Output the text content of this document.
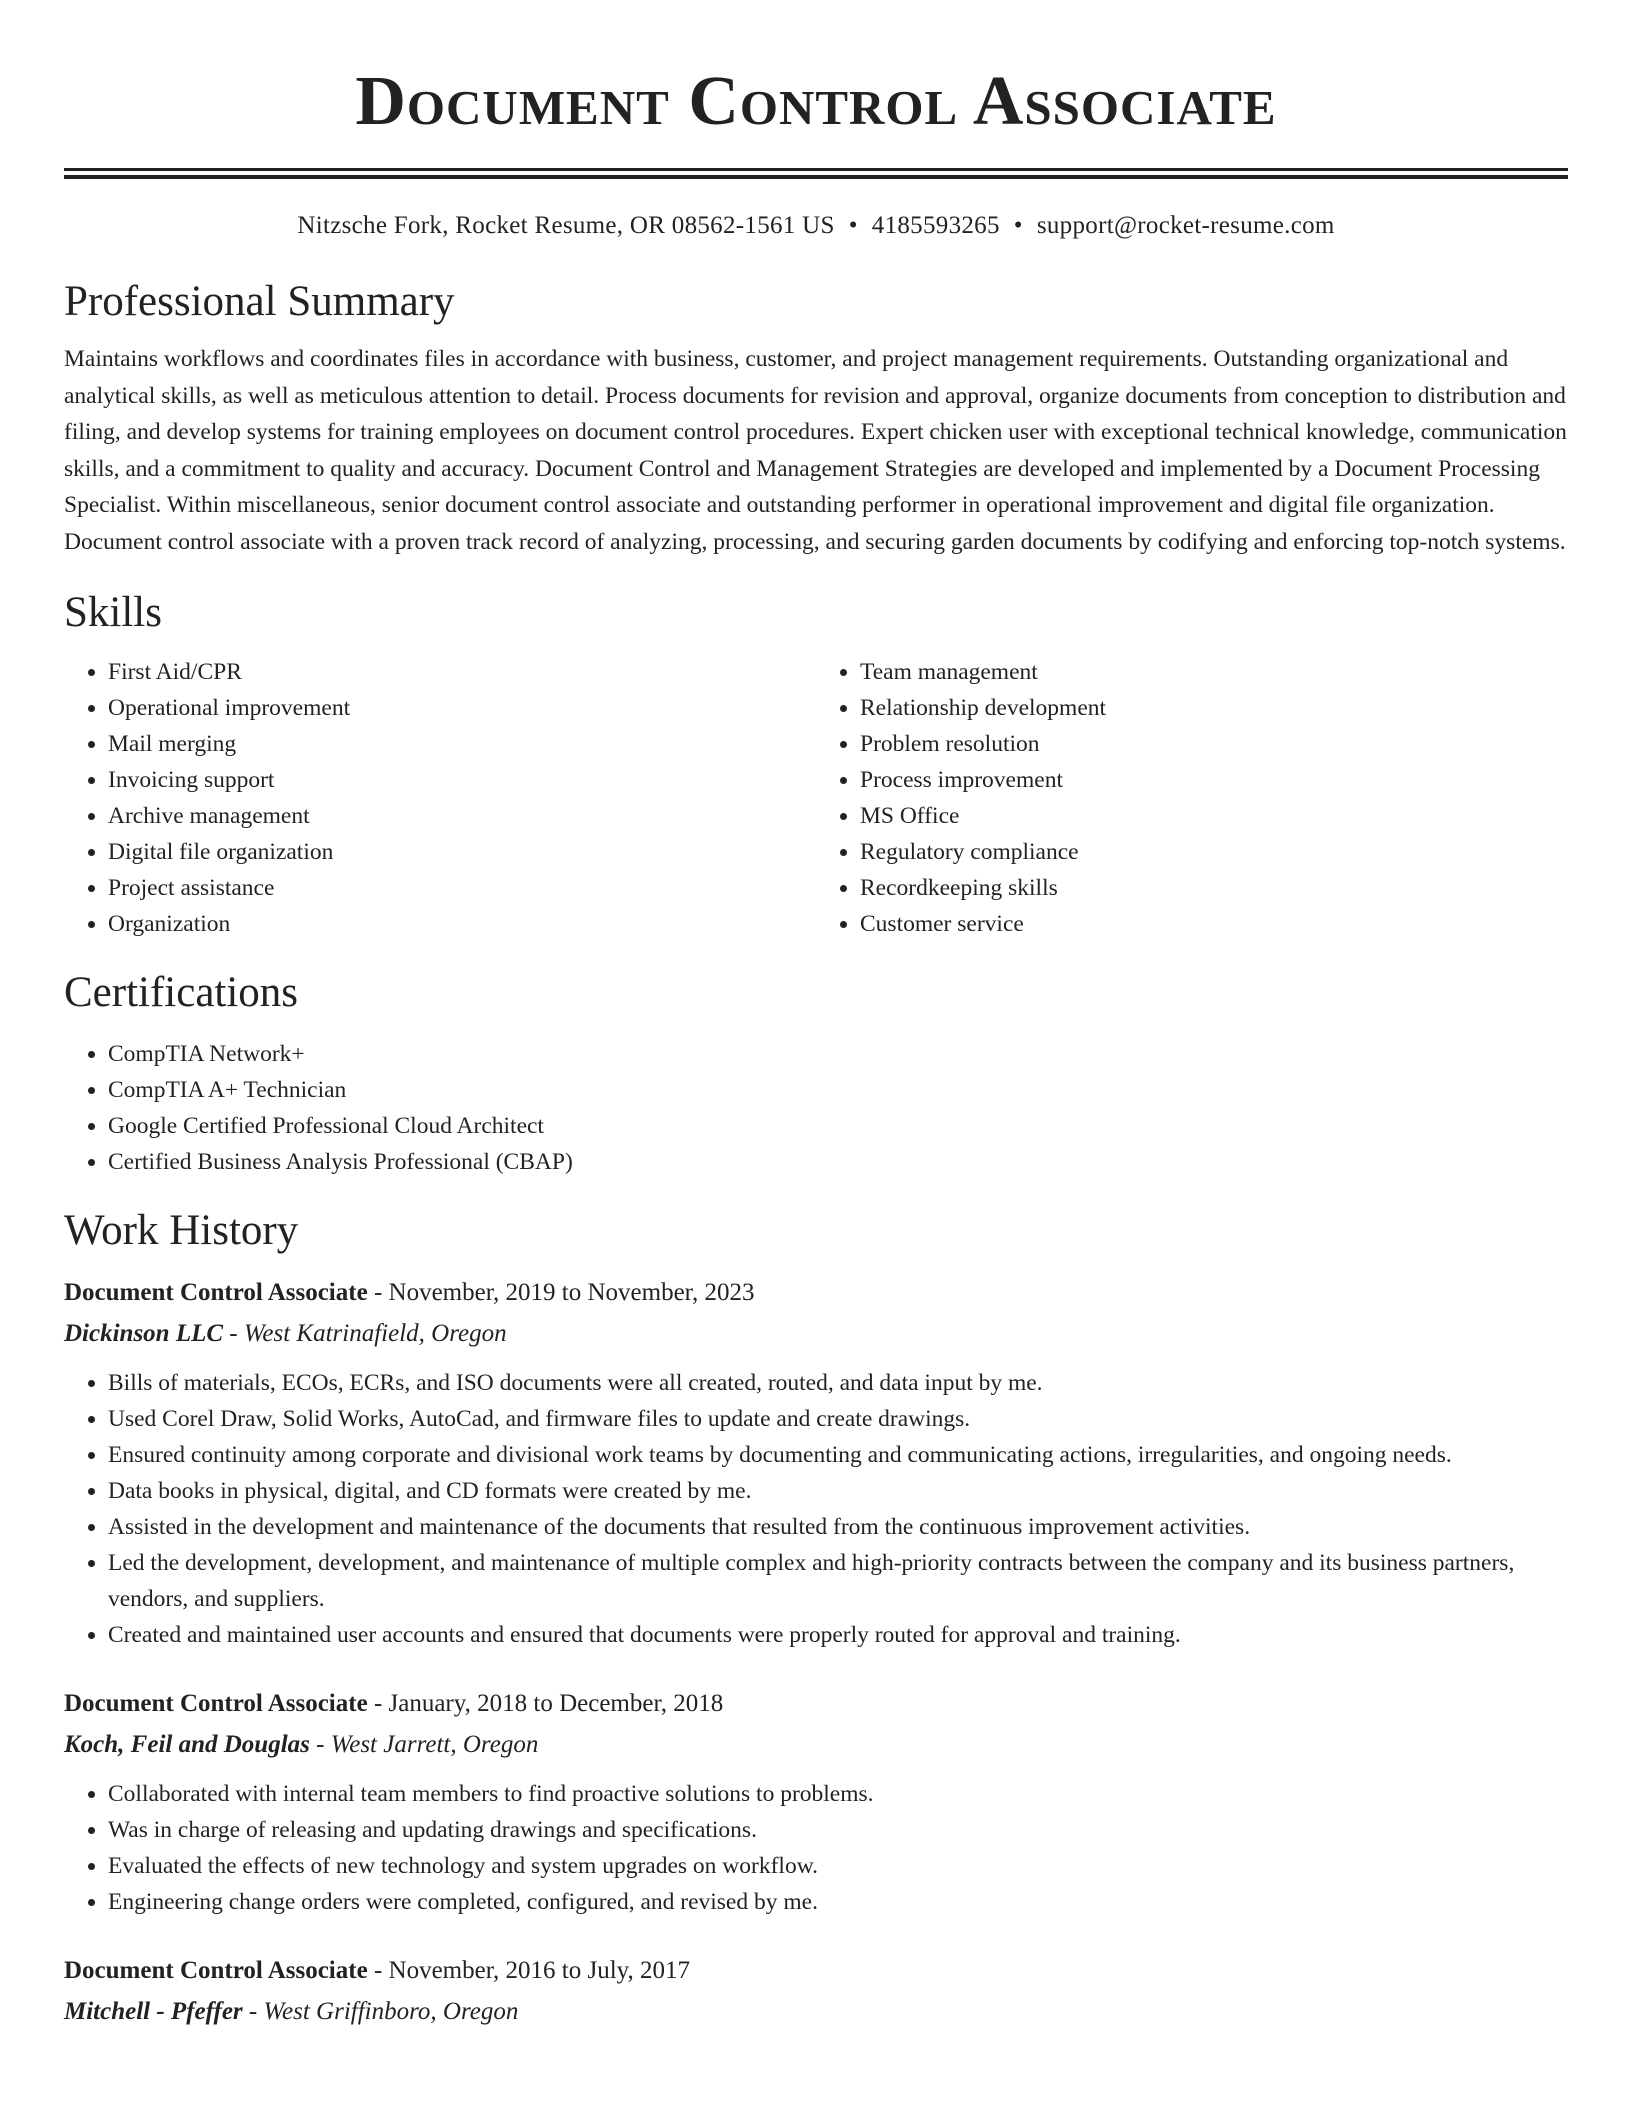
Document Control Associate
Nitzsche Fork, Rocket Resume, OR 08562-1561 US • 4185593265 • support@rocket-resume.com
Professional Summary
Maintains workflows and coordinates files in accordance with business, customer, and project management requirements. Outstanding organizational and analytical skills, as well as meticulous attention to detail. Process documents for revision and approval, organize documents from conception to distribution and filing, and develop systems for training employees on document control procedures. Expert chicken user with exceptional technical knowledge, communication skills, and a commitment to quality and accuracy. Document Control and Management Strategies are developed and implemented by a Document Processing Specialist. Within miscellaneous, senior document control associate and outstanding performer in operational improvement and digital file organization. Document control associate with a proven track record of analyzing, processing, and securing garden documents by codifying and enforcing top-notch systems.
Skills
• First Aid/CPR
• Operational improvement
• Mail merging
• Invoicing support
• Archive management
• Digital file organization
• Project assistance
• Organization
• Team management
• Relationship development
• Problem resolution
• Process improvement
• MS Office
• Regulatory compliance
• Recordkeeping skills
• Customer service
Certifications
• CompTIA Network+
• CompTIA A+ Technician
• Google Certified Professional Cloud Architect
• Certified Business Analysis Professional (CBAP)
Work History
Document Control Associate - November, 2019 to November, 2023
Dickinson LLC - West Katrinafield, Oregon
• Bills of materials, ECOs, ECRs, and ISO documents were all created, routed, and data input by me.
• Used Corel Draw, Solid Works, AutoCad, and firmware files to update and create drawings.
• Ensured continuity among corporate and divisional work teams by documenting and communicating actions, irregularities, and ongoing needs.
• Data books in physical, digital, and CD formats were created by me.
• Assisted in the development and maintenance of the documents that resulted from the continuous improvement activities.
• Led the development, development, and maintenance of multiple complex and high-priority contracts between the company and its business partners, vendors, and suppliers.
• Created and maintained user accounts and ensured that documents were properly routed for approval and training.
Document Control Associate - January, 2018 to December, 2018
Koch, Feil and Douglas - West Jarrett, Oregon
• Collaborated with internal team members to find proactive solutions to problems.
• Was in charge of releasing and updating drawings and specifications.
• Evaluated the effects of new technology and system upgrades on workflow.
• Engineering change orders were completed, configured, and revised by me.
Document Control Associate - November, 2016 to July, 2017
Mitchell - Pfeffer - West Griffinboro, Oregon
